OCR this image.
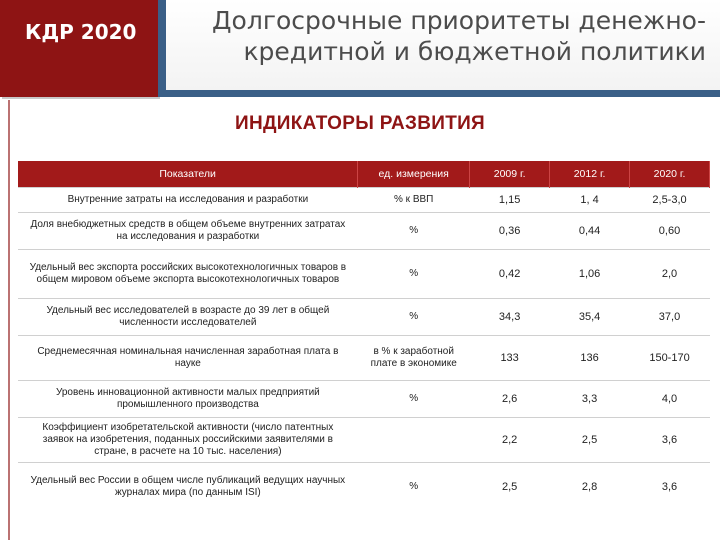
КДР 2020	Долгосрочные приоритеты денежно-кредитной и бюджетной политики
ИНДИКАТОРЫ РАЗВИТИЯ
Показатели	ед. измерения	2009 г.	2012 г.	2020 г.
Внутренние затраты на исследования и разработки	% к ВВП	1,15	1, 4	2,5-3,0
Доля внебюджетных средств в общем объеме внутренних затратах на исследования и разработки	%	0,36	0,44	0,60
Удельный вес экспорта российских высокотехнологичных товаров в общем мировом объеме экспорта высокотехнологичных товаров	%	0,42	1,06	2,0
Удельный вес исследователей в возрасте до 39 лет в общей численности исследователей	%	34,3	35,4	37,0
Среднемесячная номинальная начисленная заработная плата в науке	в % к заработной плате в экономике	133	136	150-170
Уровень инновационной активности малых предприятий промышленного производства	%	2,6	3,3	4,0
Коэффициент изобретательской активности (число патентных заявок на изобретения, поданных российскими заявителями в стране, в расчете на 10 тыс. населения)		2,2	2,5	3,6
Удельный вес России в общем числе публикаций ведущих научных журналах мира (по данным ISI)	%	2,5	2,8	3,6
